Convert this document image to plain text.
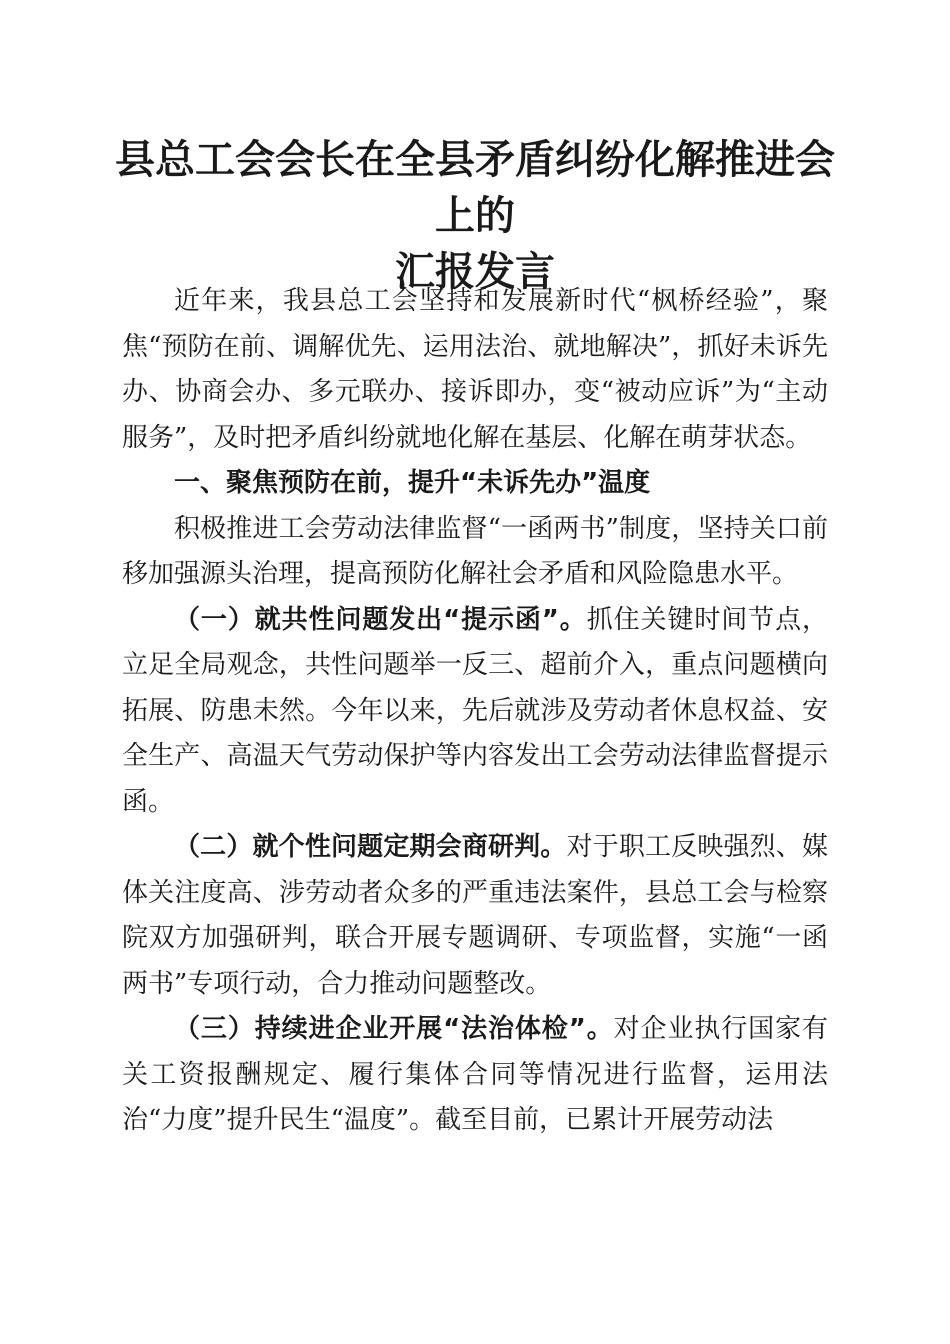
县总工会会长在全县矛盾纠纷化解推进会上的
汇报发言

近年来，我县总工会坚持和发展新时代“枫桥经验”，聚焦“预防在前、调解优先、运用法治、就地解决”，抓好未诉先办、协商会办、多元联办、接诉即办，变“被动应诉”为“主动服务”，及时把矛盾纠纷就地化解在基层、化解在萌芽状态。

一、聚焦预防在前，提升“未诉先办”温度

积极推进工会劳动法律监督“一函两书”制度，坚持关口前移加强源头治理，提高预防化解社会矛盾和风险隐患水平。

（一）就共性问题发出“提示函”。抓住关键时间节点，立足全局观念，共性问题举一反三、超前介入，重点问题横向拓展、防患未然。今年以来，先后就涉及劳动者休息权益、安全生产、高温天气劳动保护等内容发出工会劳动法律监督提示函。

（二）就个性问题定期会商研判。对于职工反映强烈、媒体关注度高、涉劳动者众多的严重违法案件，县总工会与检察院双方加强研判，联合开展专题调研、专项监督，实施“一函两书”专项行动，合力推动问题整改。

（三）持续进企业开展“法治体检”。对企业执行国家有关工资报酬规定、履行集体合同等情况进行监督，运用法治“力度”提升民生“温度”。截至目前，已累计开展劳动法
